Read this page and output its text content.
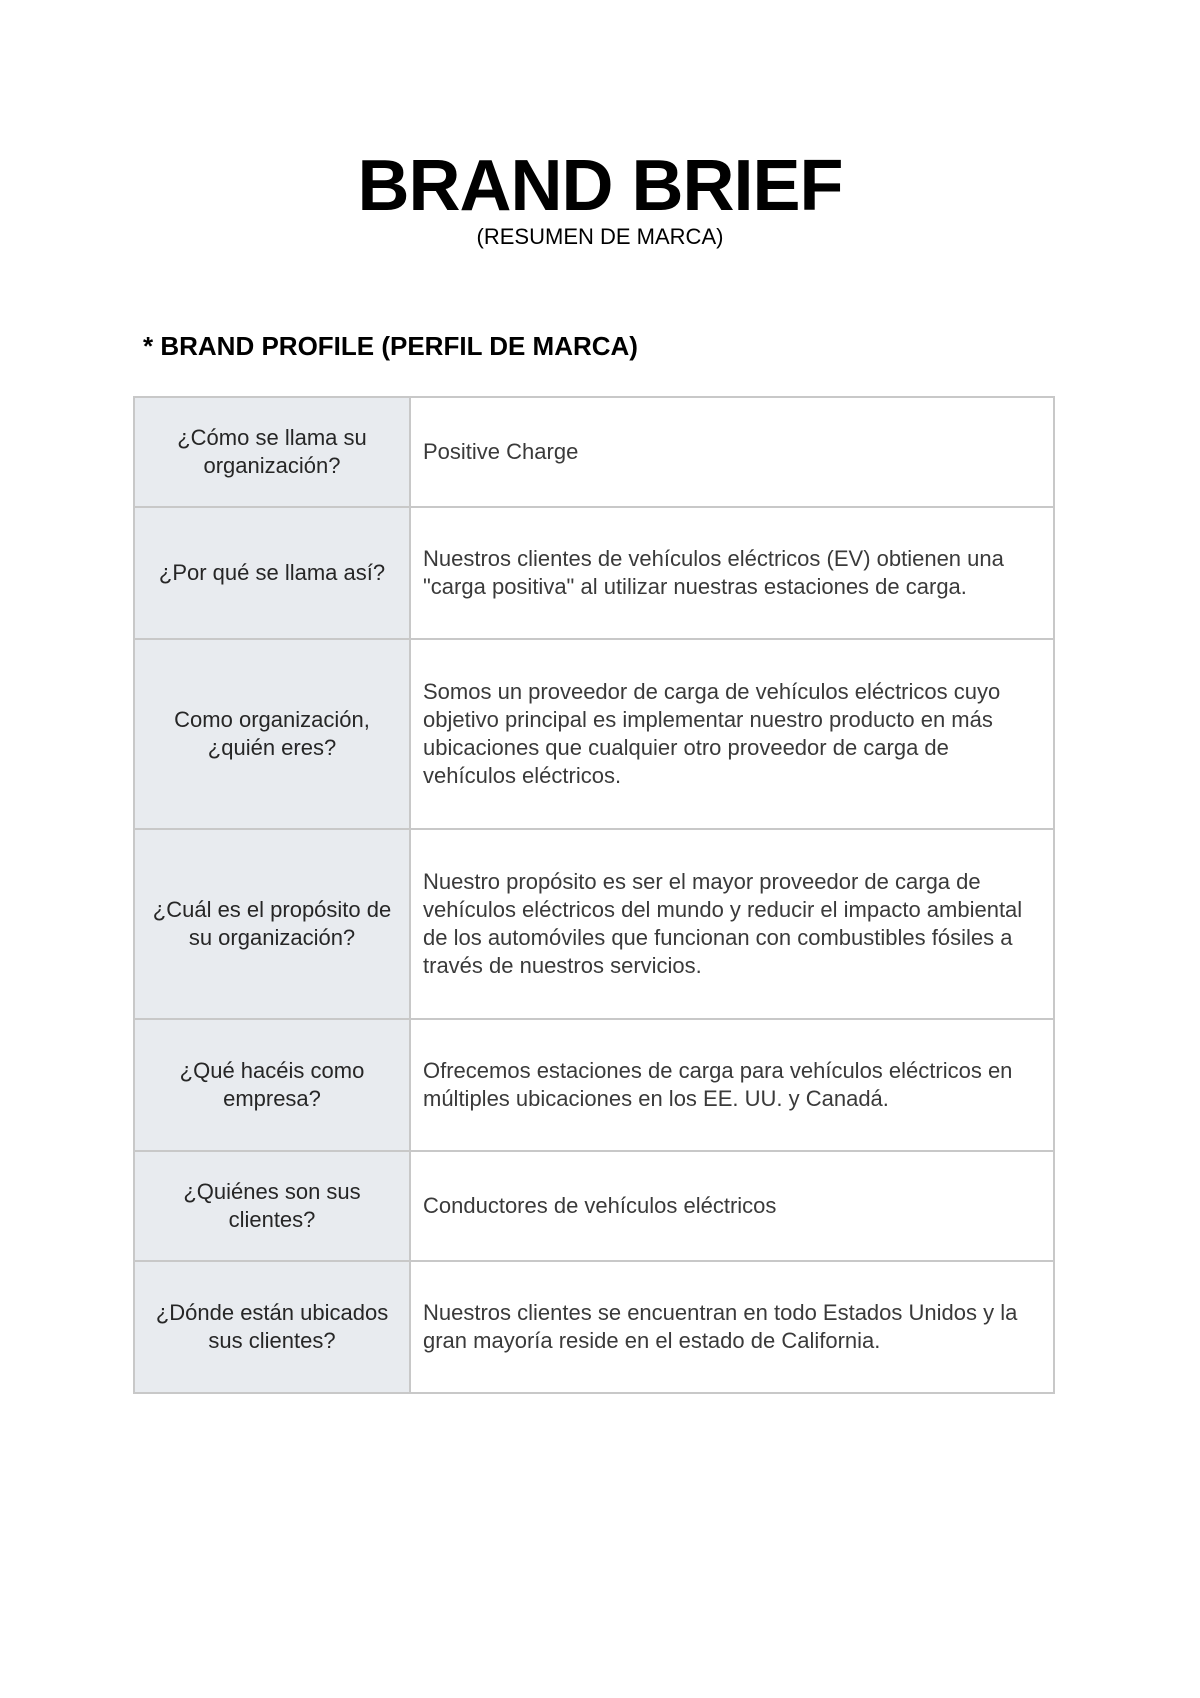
BRAND BRIEF
(RESUMEN DE MARCA)
* BRAND PROFILE (PERFIL DE MARCA)
¿Cómo se llama su organización?	Positive Charge
¿Por qué se llama así?	Nuestros clientes de vehículos eléctricos (EV) obtienen una "carga positiva" al utilizar nuestras estaciones de carga.
Como organización, ¿quién eres?	Somos un proveedor de carga de vehículos eléctricos cuyo objetivo principal es implementar nuestro producto en más ubicaciones que cualquier otro proveedor de carga de vehículos eléctricos.
¿Cuál es el propósito de su organización?	Nuestro propósito es ser el mayor proveedor de carga de vehículos eléctricos del mundo y reducir el impacto ambiental de los automóviles que funcionan con combustibles fósiles a través de nuestros servicios.
¿Qué hacéis como empresa?	Ofrecemos estaciones de carga para vehículos eléctricos en múltiples ubicaciones en los EE. UU. y Canadá.
¿Quiénes son sus clientes?	Conductores de vehículos eléctricos
¿Dónde están ubicados sus clientes?	Nuestros clientes se encuentran en todo Estados Unidos y la gran mayoría reside en el estado de California.
